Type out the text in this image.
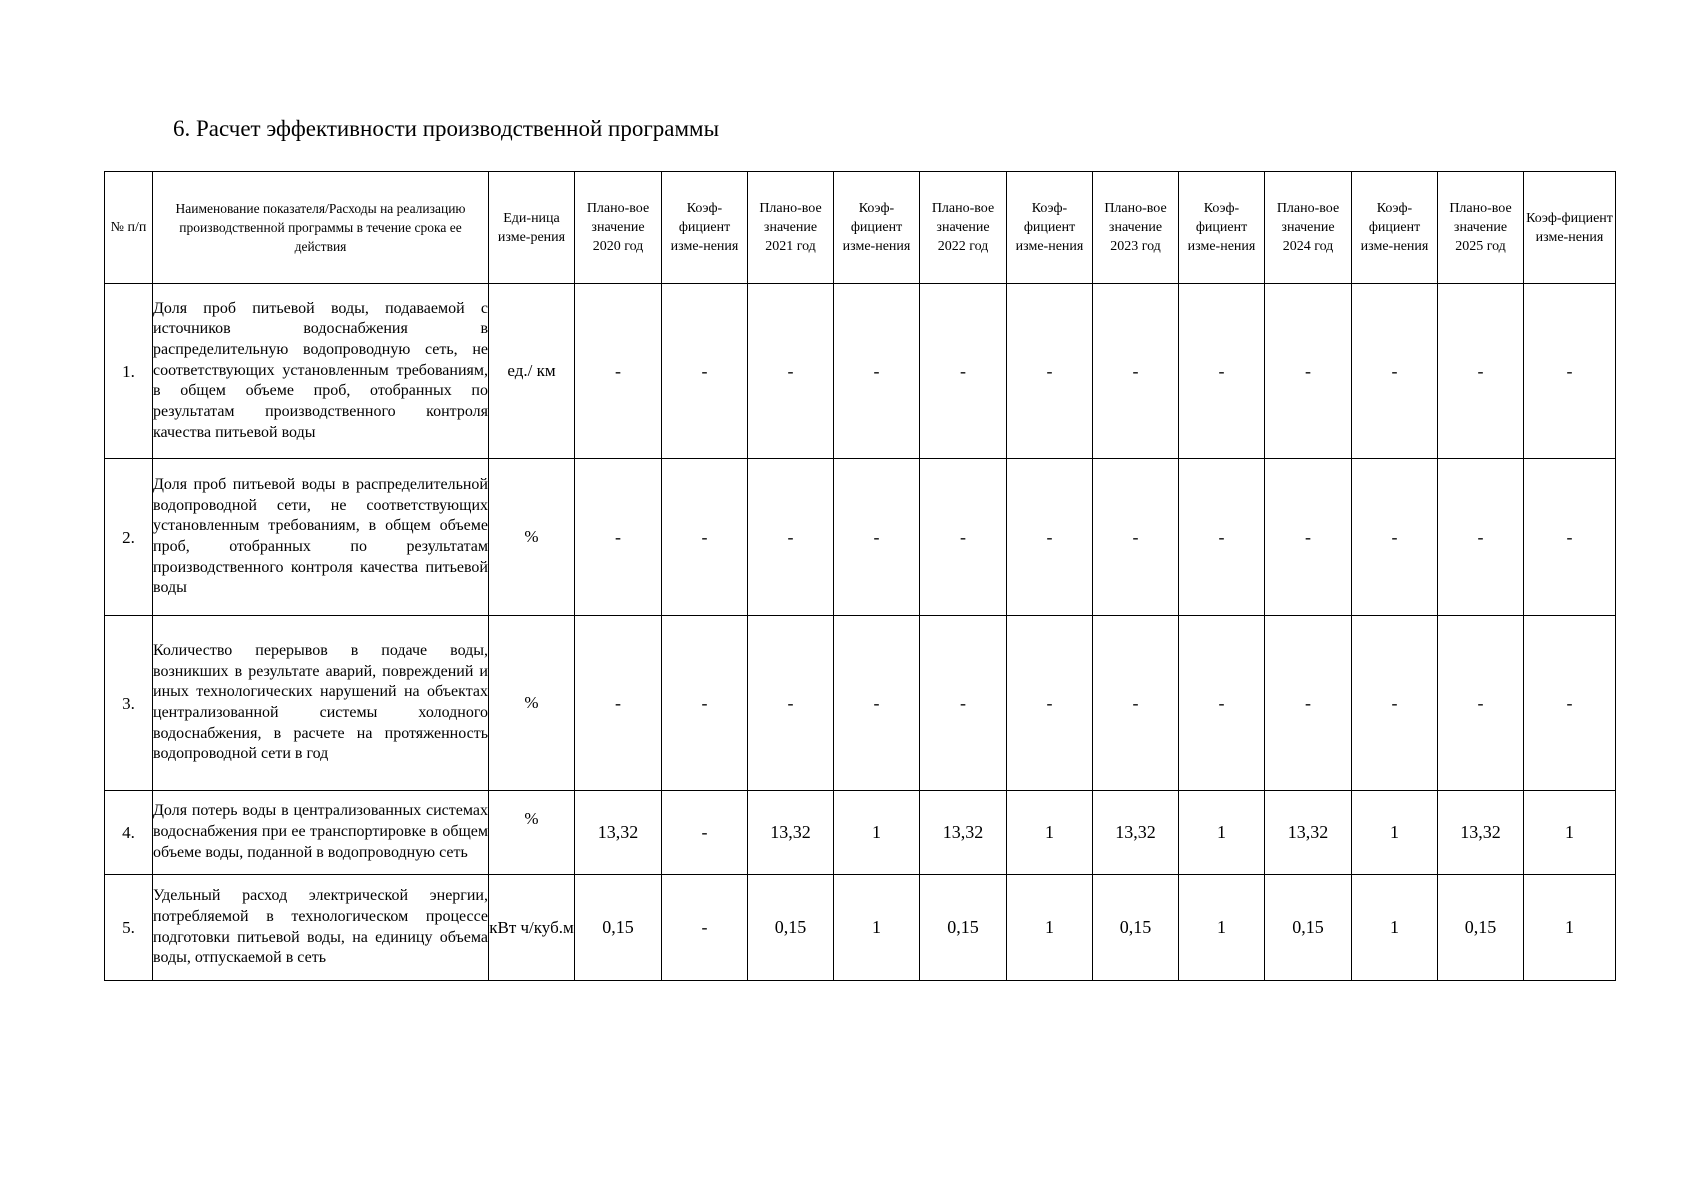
6. Расчет эффективности производственной программы
№ п/п	Наименование показателя/Расходы на реализацию производственной программы в течение срока ее действия	Еди-ница изме-рения	Плано-вое значение 2020 год	Коэф-фициент изме-нения	Плано-вое значение 2021 год	Коэф-фициент изме-нения	Плано-вое значение 2022 год	Коэф-фициент изме-нения	Плано-вое значение 2023 год	Коэф-фициент изме-нения	Плано-вое значение 2024 год	Коэф-фициент изме-нения	Плано-вое значение 2025 год	Коэф-фициент изме-нения
1.	Доля проб питьевой воды, подаваемой с источников водоснабжения в распределительную водопроводную сеть, не соответствующих установленным требованиям, в общем объеме проб, отобранных по результатам производственного контроля качества питьевой воды	ед./ км	-	-	-	-	-	-	-	-	-	-	-	-
2.	Доля проб питьевой воды в распределительной водопроводной сети, не соответствующих установленным требованиям, в общем объеме проб, отобранных по результатам производственного контроля качества питьевой воды	%	-	-	-	-	-	-	-	-	-	-	-	-
3.	Количество перерывов в подаче воды, возникших в результате аварий, повреждений и иных технологических нарушений на объектах централизованной системы холодного водоснабжения, в расчете на протяженность водопроводной сети в год	%	-	-	-	-	-	-	-	-	-	-	-	-
4.	Доля потерь воды в централизованных системах водоснабжения при ее транспортировке в общем объеме воды, поданной в водопроводную сеть	%	13,32	-	13,32	1	13,32	1	13,32	1	13,32	1	13,32	1
5.	Удельный расход электрической энергии, потребляемой в технологическом процессе подготовки питьевой воды, на единицу объема воды, отпускаемой в сеть	кВт ч/куб.м	0,15	-	0,15	1	0,15	1	0,15	1	0,15	1	0,15	1
